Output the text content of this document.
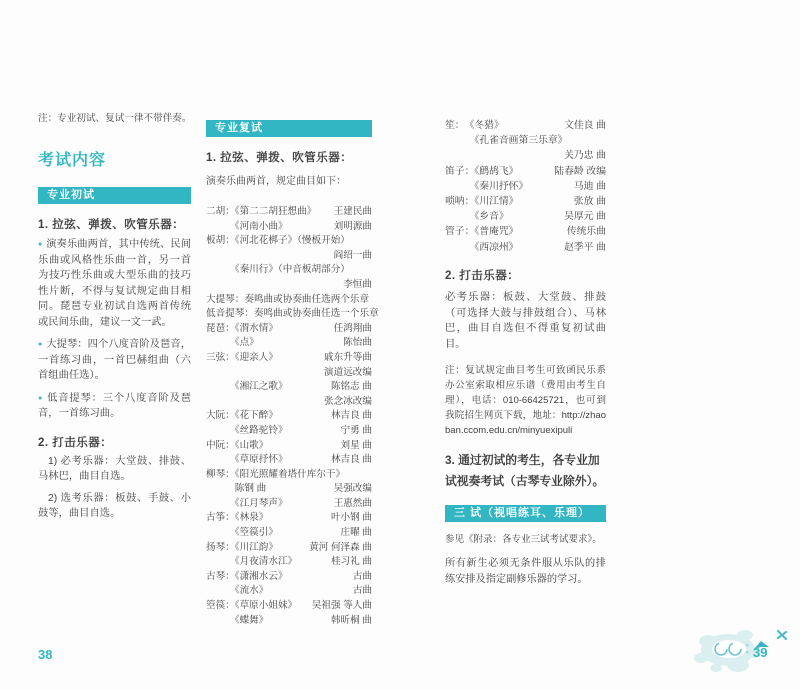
注：专业初试、复试一律不带伴奏。
考试内容
专业初试
1. 拉弦、弹拨、吹管乐器：

● 演奏乐曲两首，其中传统、民间乐曲或风格性乐曲一首，另一首为技巧性乐曲或大型乐曲的技巧性片断，不得与复试规定曲目相同。琵琶专业初试自选两首传统或民间乐曲，建议一文一武。

● 大提琴：四个八度音阶及琶音，一首练习曲，一首巴赫组曲（六首组曲任选）。

● 低音提琴：三个八度音阶及琶音，一首练习曲。

2. 打击乐器：

1) 必考乐器：大堂鼓、排鼓、马林巴，曲目自选。

2) 选考乐器：板鼓、手鼓、小鼓等，曲目自选。

专业复试
1. 拉弦、弹拨、吹管乐器：
演奏乐曲两首，规定曲目如下：
二胡：《第二二胡狂想曲》 王建民曲
　　　《河南小曲》	刘明源曲
板胡：《河北花梆子》（慢板开始）
阎绍一曲
　　　《秦川行》（中音板胡部分）
李恒曲
大提琴：奏鸣曲或协奏曲任选两个乐章
低音提琴：奏鸣曲或协奏曲任选一个乐章
琵琶：《渭水情》	任鸿翔曲
　　　《点》	陈怡曲
三弦：《迎亲人》	戚东升等曲
演道远改编
　　　《湘江之歌》	陈铭志 曲
张念冰改编
大阮：《花下醉》	林吉良 曲
　　　《丝路驼铃》	宁勇 曲
中阮：《山歌》	刘星 曲
　　　《草原抒怀》	林吉良 曲
柳琴：《阳光照耀着塔什库尔干》
　　　陈钢 曲	吴强改编
　　　《江月琴声》	王惠然曲
古筝：《林泉》	叶小钢 曲
　　　《箜篌引》	庄曜 曲
扬琴：《川江韵》	黄河 何泽森 曲
　　　《月夜清水江》	桂习礼 曲
古琴：《潇湘水云》	古曲
　　　《流水》	古曲
箜篌：《草原小姐妹》 吴祖强 等人曲
　　　《蝶舞》	韩昕桐 曲
笙：　《冬猎》	文佳良 曲
　　　《孔雀音画第三乐章》
关乃忠 曲
笛子：《鹧鸪飞》	陆春龄 改编
　　　《秦川抒怀》	马迪 曲
唢呐：《川江情》	张放 曲
　　　《乡音》	吴厚元 曲
管子：《普庵咒》	传统乐曲
　　　《西凉州》	赵季平 曲
2. 打击乐器：
必考乐器：板鼓、大堂鼓、排鼓（可选择大鼓与排鼓组合）、马林巴，曲目自选但不得重复初试曲目。
注：复试规定曲目考生可致函民乐系办公室索取相应乐谱（费用由考生自理），电话：010-66425721，也可到我院招生网页下载，地址：http://zhaoban.ccom.edu.cn/minyuexipuli
3. 通过初试的考生，各专业加试视奏考试（古琴专业除外）。
三 试（视唱练耳、乐理）
参见《附录：各专业三试考试要求》。
所有新生必须无条件服从乐队的排练安排及指定副修乐器的学习。
38	39
